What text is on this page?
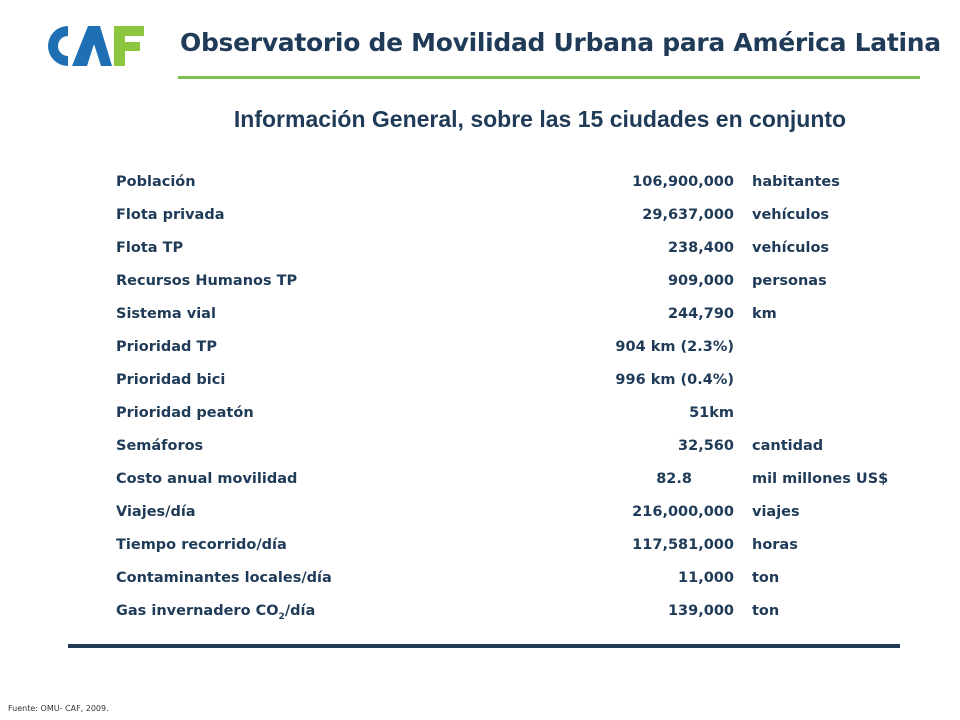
Observatorio de Movilidad Urbana para América Latina
Información General, sobre las 15 ciudades en conjunto
Población	106,900,000 habitantes
Flota privada	29,637,000 vehículos
Flota TP	238,400 vehículos
Recursos Humanos TP	909,000 personas
Sistema vial	244,790 km
Prioridad TP	904 km (2.3%)
Prioridad bici	996 km (0.4%)
Prioridad peatón	51km
Semáforos	32,560 cantidad
Costo anual movilidad	82.8	mil millones US$
Viajes/día	216,000,000 viajes
Tiempo recorrido/día	117,581,000 horas
Contaminantes locales/día	11,000 ton
Gas invernadero $CO_2$/día	139,000 ton
Fuente: OMU- CAF, 2009.
